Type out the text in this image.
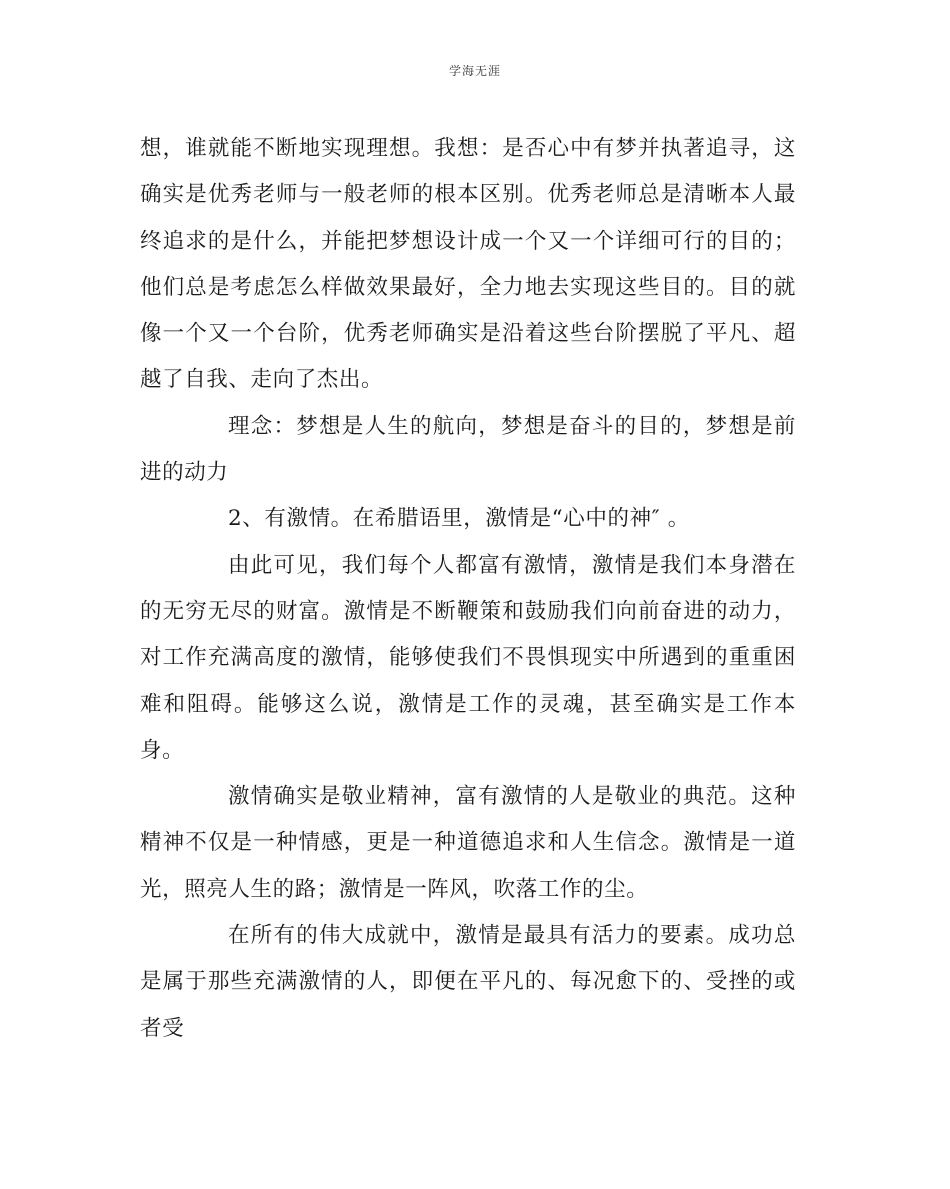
学海无涯

想，谁就能不断地实现理想。我想：是否心中有梦并执著追寻，这确实是优秀老师与一般老师的根本区别。优秀老师总是清晰本人最终追求的是什么，并能把梦想设计成一个又一个详细可行的目的；他们总是考虑怎么样做效果最好，全力地去实现这些目的。目的就像一个又一个台阶，优秀老师确实是沿着这些台阶摆脱了平凡、超越了自我、走向了杰出。

理念：梦想是人生的航向，梦想是奋斗的目的，梦想是前进的动力

2、有激情。在希腊语里，激情是“心中的神″ 。

由此可见，我们每个人都富有激情，激情是我们本身潜在的无穷无尽的财富。激情是不断鞭策和鼓励我们向前奋进的动力，对工作充满高度的激情，能够使我们不畏惧现实中所遇到的重重困难和阻碍。能够这么说，激情是工作的灵魂，甚至确实是工作本身。

激情确实是敬业精神，富有激情的人是敬业的典范。这种精神不仅是一种情感，更是一种道德追求和人生信念。激情是一道光，照亮人生的路；激情是一阵风，吹落工作的尘。

在所有的伟大成就中，激情是最具有活力的要素。成功总是属于那些充满激情的人，即便在平凡的、每况愈下的、受挫的或者受
